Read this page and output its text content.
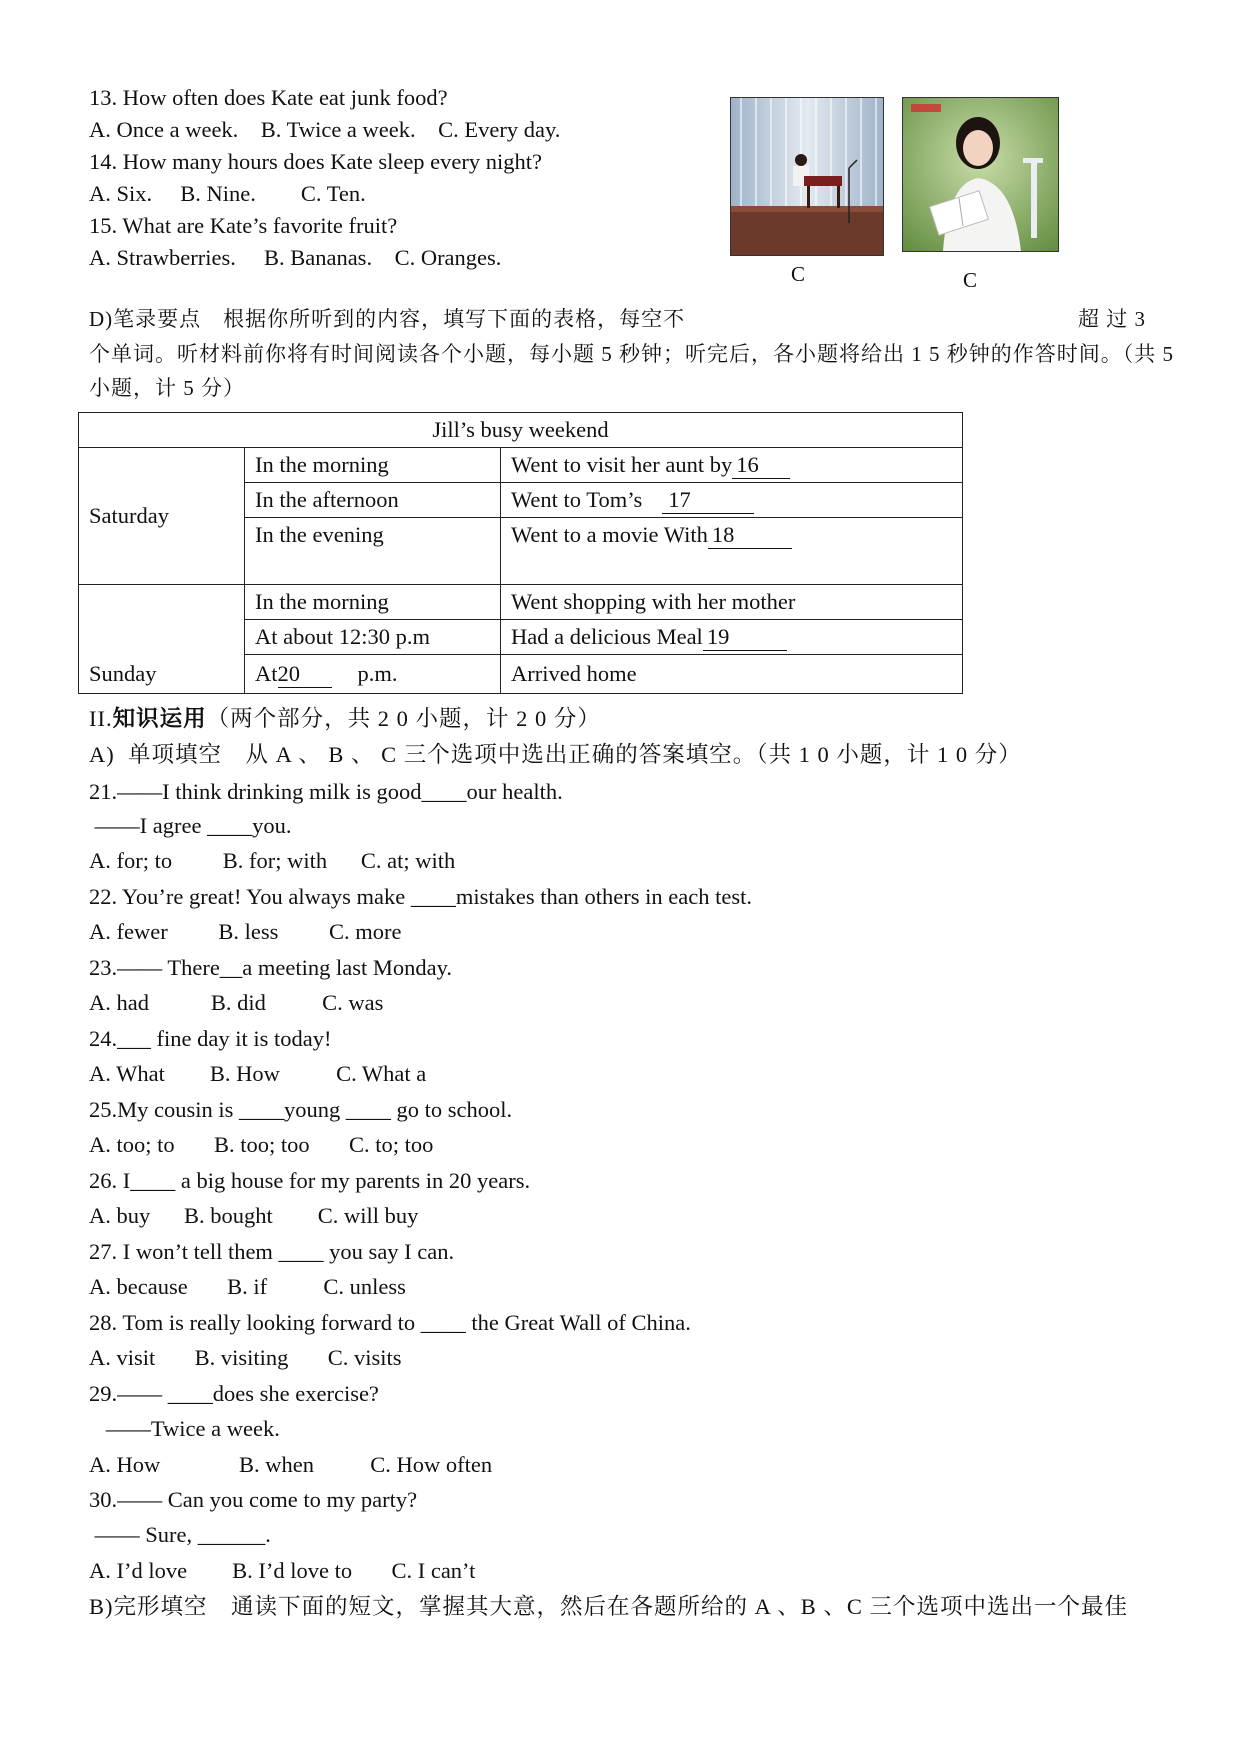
13. How often does Kate eat junk food?
A. Once a week.    B. Twice a week.    C. Every day.
14. How many hours does Kate sleep every night?
A. Six.     B. Nine.        C. Ten.
15. What are Kate’s favorite fruit?
A. Strawberries.     B. Bananas.    C. Oranges.
C	C
D)笔录要点　根据你所听到的内容，填写下面的表格，每空不	超 过 3
个单词。听材料前你将有时间阅读各个小题，每小题 5 秒钟；听完后，各小题将给出 1 5 秒钟的作答时间。（共 5
小题，计 5 分）
Jill’s busy weekend		
Saturday	In the morning	Went to visit her aunt by 16
	In the afternoon	Went to Tom’s 17
	In the evening	Went to a movie With 18
Sunday	In the morning	Went shopping with her mother
	At about 12:30 p.m	Had a delicious Meal 19
	At20 p.m.	Arrived home
II.知识运用（两个部分，共 2 0 小题，计 2 0 分）
A)  单项填空　从 A 、 B 、 C 三个选项中选出正确的答案填空。（共 1 0 小题，计 1 0 分）
21.——I think drinking milk is good____our health.
——I agree ____you.
A. for; to         B. for; with      C. at; with
22. You’re great! You always make ____mistakes than others in each test.
A. fewer         B. less         C. more
23.—— There__a meeting last Monday.
A. had           B. did          C. was
24.___ fine day it is today!
A. What        B. How          C. What a
25.My cousin is ____young ____ go to school.
A. too; to       B. too; too       C. to; too
26. I____ a big house for my parents in 20 years.
A. buy      B. bought        C. will buy
27. I won’t tell them ____ you say I can.
A. because       B. if          C. unless
28. Tom is really looking forward to ____ the Great Wall of China.
A. visit       B. visiting       C. visits
29.—— ____does she exercise?
——Twice a week.
A. How              B. when          C. How often
30.—— Can you come to my party?
—— Sure, ______.
A. I’d love        B. I’d love to       C. I can’t
B)完形填空　通读下面的短文，掌握其大意，然后在各题所给的 A 、B 、C 三个选项中选出一个最佳
